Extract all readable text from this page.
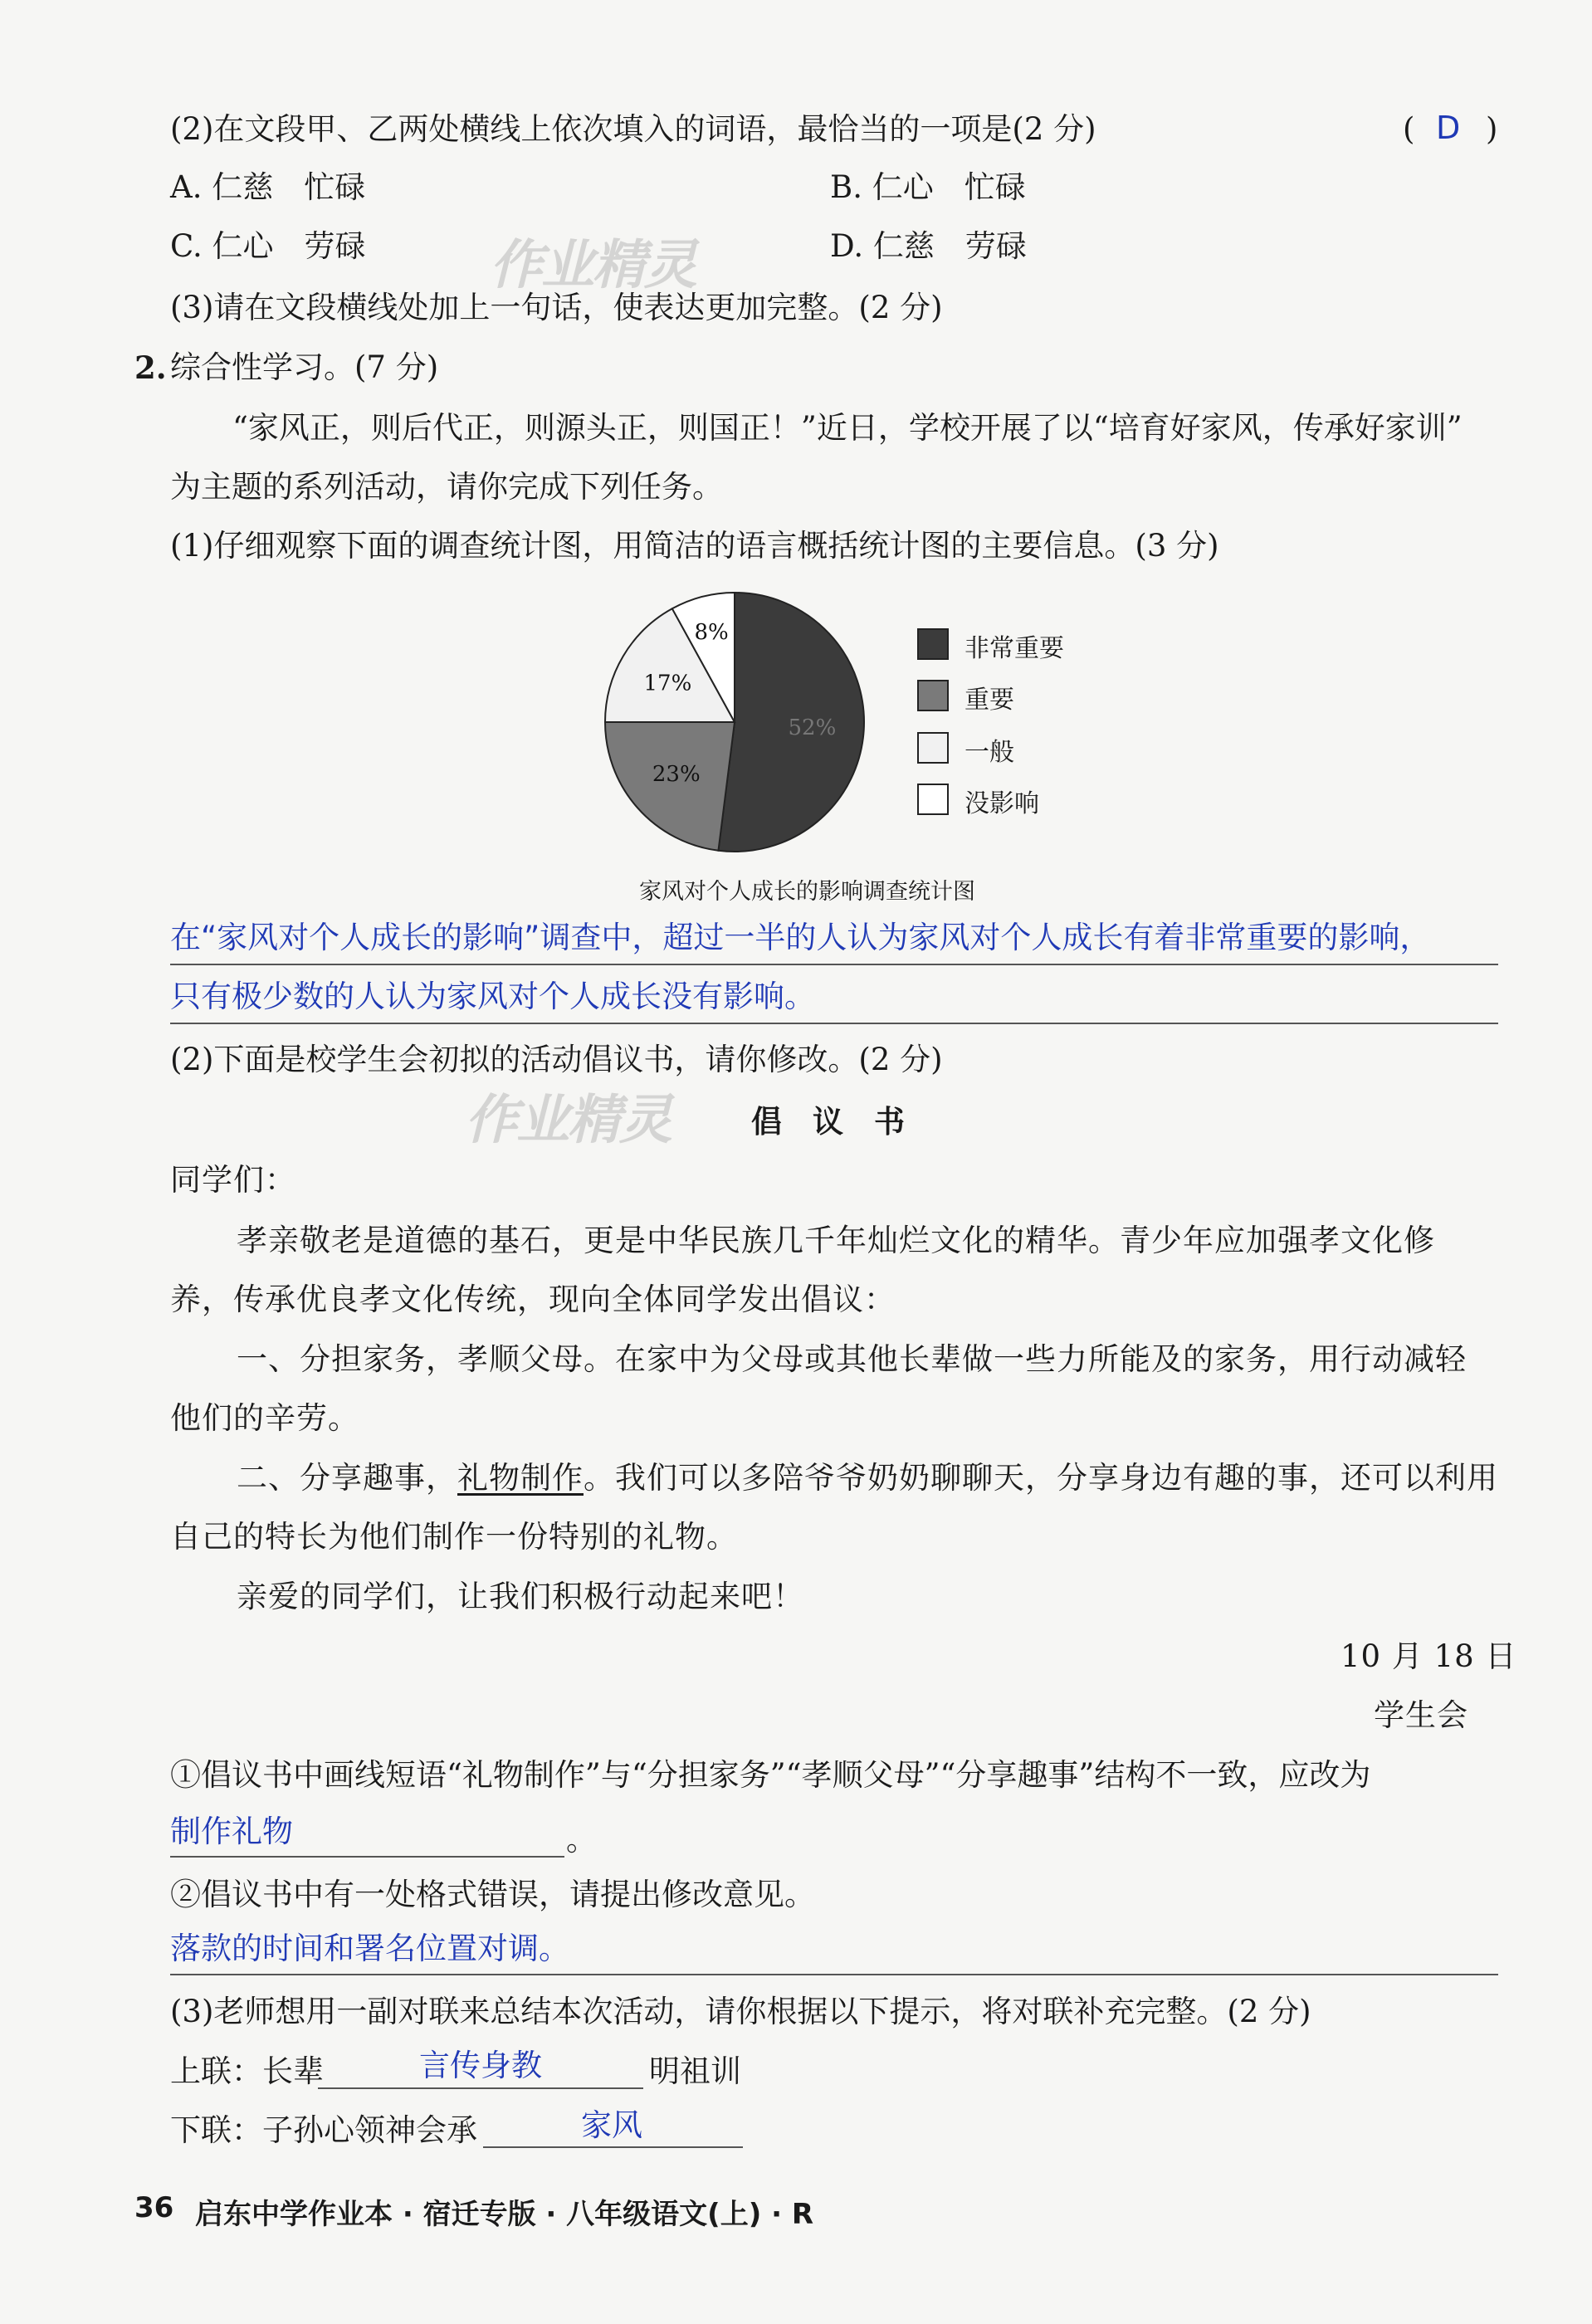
作业精灵
作业精灵
(2)在文段甲、乙两处横线上依次填入的词语，最恰当的一项是(2 分)	( D )
A. 仁慈　忙碌	B. 仁心　忙碌
C. 仁心　劳碌	D. 仁慈　劳碌
(3)请在文段横线处加上一句话，使表达更加完整。(2 分)
2. 综合性学习。(7 分)
“家风正，则后代正，则源头正，则国正！”近日，学校开展了以“培育好家风，传承好家训”
为主题的系列活动，请你完成下列任务。
(1)仔细观察下面的调查统计图，用简洁的语言概括统计图的主要信息。(3 分)
52%
23%
17%
8%
非常重要
重要
一般
没影响
家风对个人成长的影响调查统计图
在“家风对个人成长的影响”调查中，超过一半的人认为家风对个人成长有着非常重要的影响，
只有极少数的人认为家风对个人成长没有影响。
(2)下面是校学生会初拟的活动倡议书，请你修改。(2 分)
倡　议　书
同学们：
孝亲敬老是道德的基石，更是中华民族几千年灿烂文化的精华。青少年应加强孝文化修
养，传承优良孝文化传统，现向全体同学发出倡议：
一、分担家务，孝顺父母。在家中为父母或其他长辈做一些力所能及的家务，用行动减轻
他们的辛劳。
二、分享趣事，礼物制作。我们可以多陪爷爷奶奶聊聊天，分享身边有趣的事，还可以利用
自己的特长为他们制作一份特别的礼物。
亲爱的同学们，让我们积极行动起来吧！
10 月 18 日
学生会
①倡议书中画线短语“礼物制作”与“分担家务”“孝顺父母”“分享趣事”结构不一致，应改为
制作礼物	。
②倡议书中有一处格式错误，请提出修改意见。
落款的时间和署名位置对调。
(3)老师想用一副对联来总结本次活动，请你根据以下提示，将对联补充完整。(2 分)
上联：长辈	言传身教	明祖训
下联：子孙心领神会承	家风
36 启东中学作业本 · 宿迁专版 · 八年级语文(上) · R
